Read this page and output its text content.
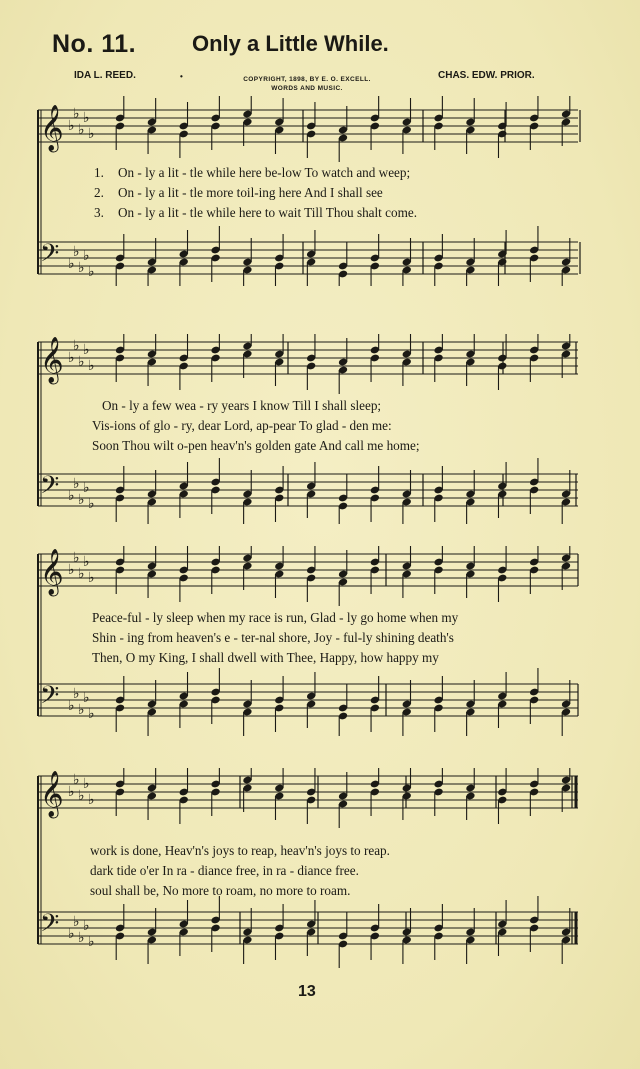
No. 11.	Only a Little While.
IDA L. REED.	•	COPYRIGHT, 1898, BY E. O. EXCELL.
WORDS AND MUSIC.
CHAS. EDW. PRIOR.
𝄞
𝄢
♭
♭
♭
♭
♭
♭
♭
♭
♭
♭
1. On - ly a lit - tle while here be-low To watch and weep;
2. On - ly a lit - tle more toil-ing here And I shall see
3. On - ly a lit - tle while here to wait Till Thou shalt come.
𝄞
𝄢
♭
♭
♭
♭
♭
♭
♭
♭
♭
♭
On - ly a few wea - ry years I know Till I shall sleep;
Vis-ions of glo - ry, dear Lord, ap-pear To glad - den me:
Soon Thou wilt o-pen heav'n's golden gate And call me home;
𝄞
𝄢
♭
♭
♭
♭
♭
♭
♭
♭
♭
♭
Peace-ful - ly sleep when my race is run, Glad - ly go home when my
Shin - ing from heaven's e - ter-nal shore, Joy - ful-ly shining death's
Then, O my King, I shall dwell with Thee, Happy, how happy my
𝄞
𝄢
♭
♭
♭
♭
♭
♭
♭
♭
♭
♭
work is done, Heav'n's joys to reap, heav'n's joys to reap.
dark tide o'er In ra - diance free, in ra - diance free.
soul shall be, No more to roam, no more to roam.
13
